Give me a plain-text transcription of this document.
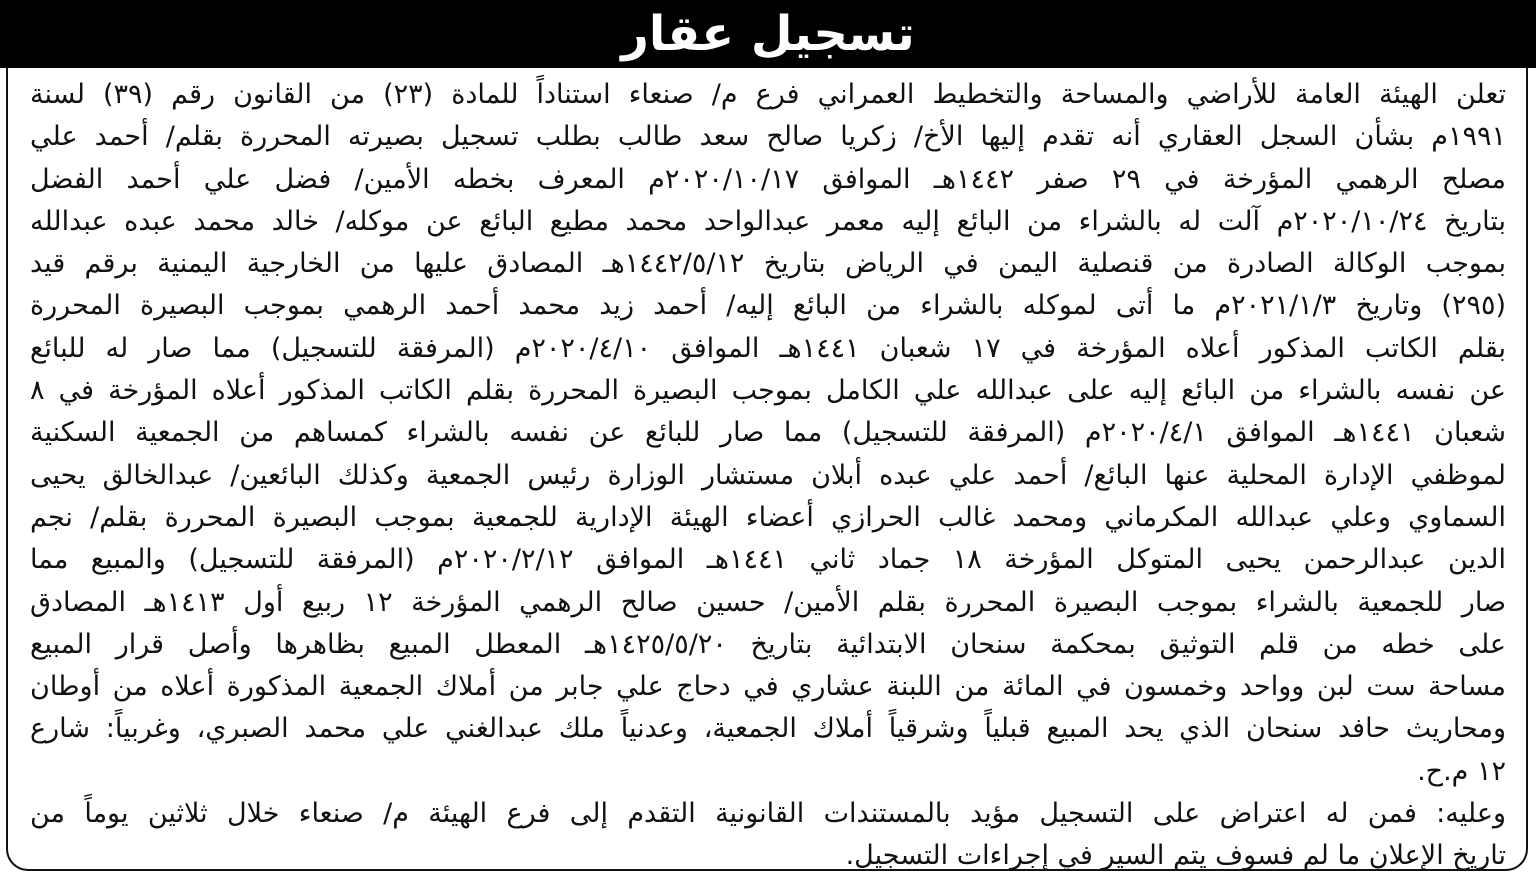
تسجيل عقار
تعلن الهيئة العامة للأراضي والمساحة والتخطيط العمراني فرع م/ صنعاء استناداً للمادة (٢٣) من القانون رقم (٣٩) لسنة
١٩٩١م بشأن السجل العقاري أنه تقدم إليها الأخ/ زكريا صالح سعد طالب بطلب تسجيل بصيرته المحررة بقلم/ أحمد علي
مصلح الرهمي المؤرخة في ٢٩ صفر ١٤٤٢هـ الموافق ٢٠٢٠/١٠/١٧م المعرف بخطه الأمين/ فضل علي أحمد الفضل
بتاريخ ٢٠٢٠/١٠/٢٤م آلت له بالشراء من البائع إليه معمر عبدالواحد محمد مطيع البائع عن موكله/ خالد محمد عبده عبدالله
بموجب الوكالة الصادرة من قنصلية اليمن في الرياض بتاريخ ١٤٤٢/٥/١٢هـ المصادق عليها من الخارجية اليمنية برقم قيد
(٢٩٥) وتاريخ ٢٠٢١/١/٣م ما أتى لموكله بالشراء من البائع إليه/ أحمد زيد محمد أحمد الرهمي بموجب البصيرة المحررة
بقلم الكاتب المذكور أعلاه المؤرخة في ١٧ شعبان ١٤٤١هـ الموافق ٢٠٢٠/٤/١٠م (المرفقة للتسجيل) مما صار له للبائع
عن نفسه بالشراء من البائع إليه على عبدالله علي الكامل بموجب البصيرة المحررة بقلم الكاتب المذكور أعلاه المؤرخة في ٨
شعبان ١٤٤١هـ الموافق ٢٠٢٠/٤/١م (المرفقة للتسجيل) مما صار للبائع عن نفسه بالشراء كمساهم من الجمعية السكنية
لموظفي الإدارة المحلية عنها البائع/ أحمد علي عبده أبلان مستشار الوزارة رئيس الجمعية وكذلك البائعين/ عبدالخالق يحيى
السماوي وعلي عبدالله المكرماني ومحمد غالب الحرازي أعضاء الهيئة الإدارية للجمعية بموجب البصيرة المحررة بقلم/ نجم
الدين عبدالرحمن يحيى المتوكل المؤرخة ١٨ جماد ثاني ١٤٤١هـ الموافق ٢٠٢٠/٢/١٢م (المرفقة للتسجيل) والمبيع مما
صار للجمعية بالشراء بموجب البصيرة المحررة بقلم الأمين/ حسين صالح الرهمي المؤرخة ١٢ ربيع أول ١٤١٣هـ المصادق
على خطه من قلم التوثيق بمحكمة سنحان الابتدائية بتاريخ ١٤٢٥/٥/٢٠هـ المعطل المبيع بظاهرها وأصل قرار المبيع
مساحة ست لبن وواحد وخمسون في المائة من اللبنة عشاري في دحاج علي جابر من أملاك الجمعية المذكورة أعلاه من أوطان
ومحاريث حافد سنحان الذي يحد المبيع قبلياً وشرقياً أملاك الجمعية، وعدنياً ملك عبدالغني علي محمد الصبري، وغربياً: شارع
١٢ م.ح.
وعليه: فمن له اعتراض على التسجيل مؤيد بالمستندات القانونية التقدم إلى فرع الهيئة م/ صنعاء خلال ثلاثين يوماً من
تاريخ الإعلان ما لم فسوف يتم السير في إجراءات التسجيل.
